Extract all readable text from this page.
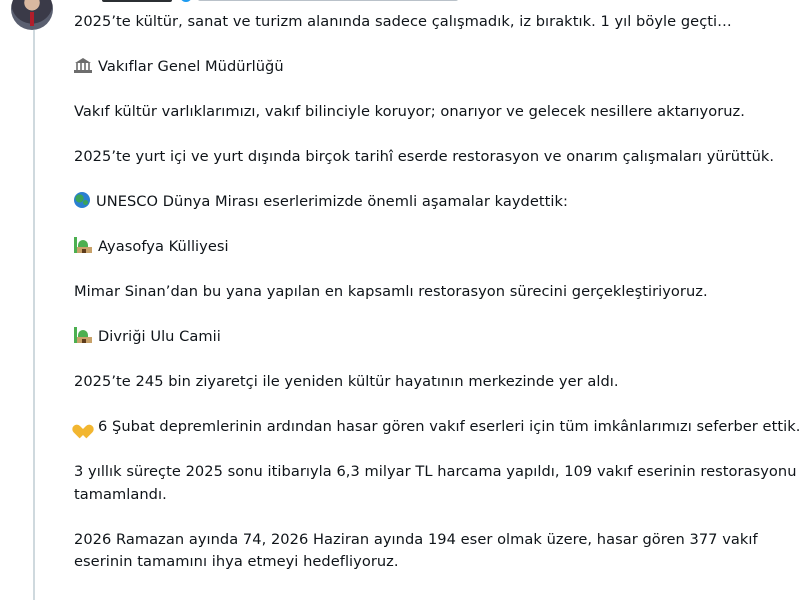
2025’te kültür, sanat ve turizm alanında sadece çalışmadık, iz bıraktık. 1 yıl böyle geçti…

Vakıflar Genel Müdürlüğü

Vakıf kültür varlıklarımızı, vakıf bilinciyle koruyor; onarıyor ve gelecek nesillere aktarıyoruz.

2025’te yurt içi ve yurt dışında birçok tarihî eserde restorasyon ve onarım çalışmaları yürüttük.

UNESCO Dünya Mirası eserlerimizde önemli aşamalar kaydettik:

Ayasofya Külliyesi

Mimar Sinan’dan bu yana yapılan en kapsamlı restorasyon sürecini gerçekleştiriyoruz.

Divriği Ulu Camii

2025’te 245 bin ziyaretçi ile yeniden kültür hayatının merkezinde yer aldı.

6 Şubat depremlerinin ardından hasar gören vakıf eserleri için tüm imkânlarımızı seferber ettik.

3 yıllık süreçte 2025 sonu itibarıyla 6,3 milyar TL harcama yapıldı, 109 vakıf eserinin restorasyonu tamamlandı.

2026 Ramazan ayında 74, 2026 Haziran ayında 194 eser olmak üzere, hasar gören 377 vakıf eserinin tamamını ihya etmeyi hedefliyoruz.
